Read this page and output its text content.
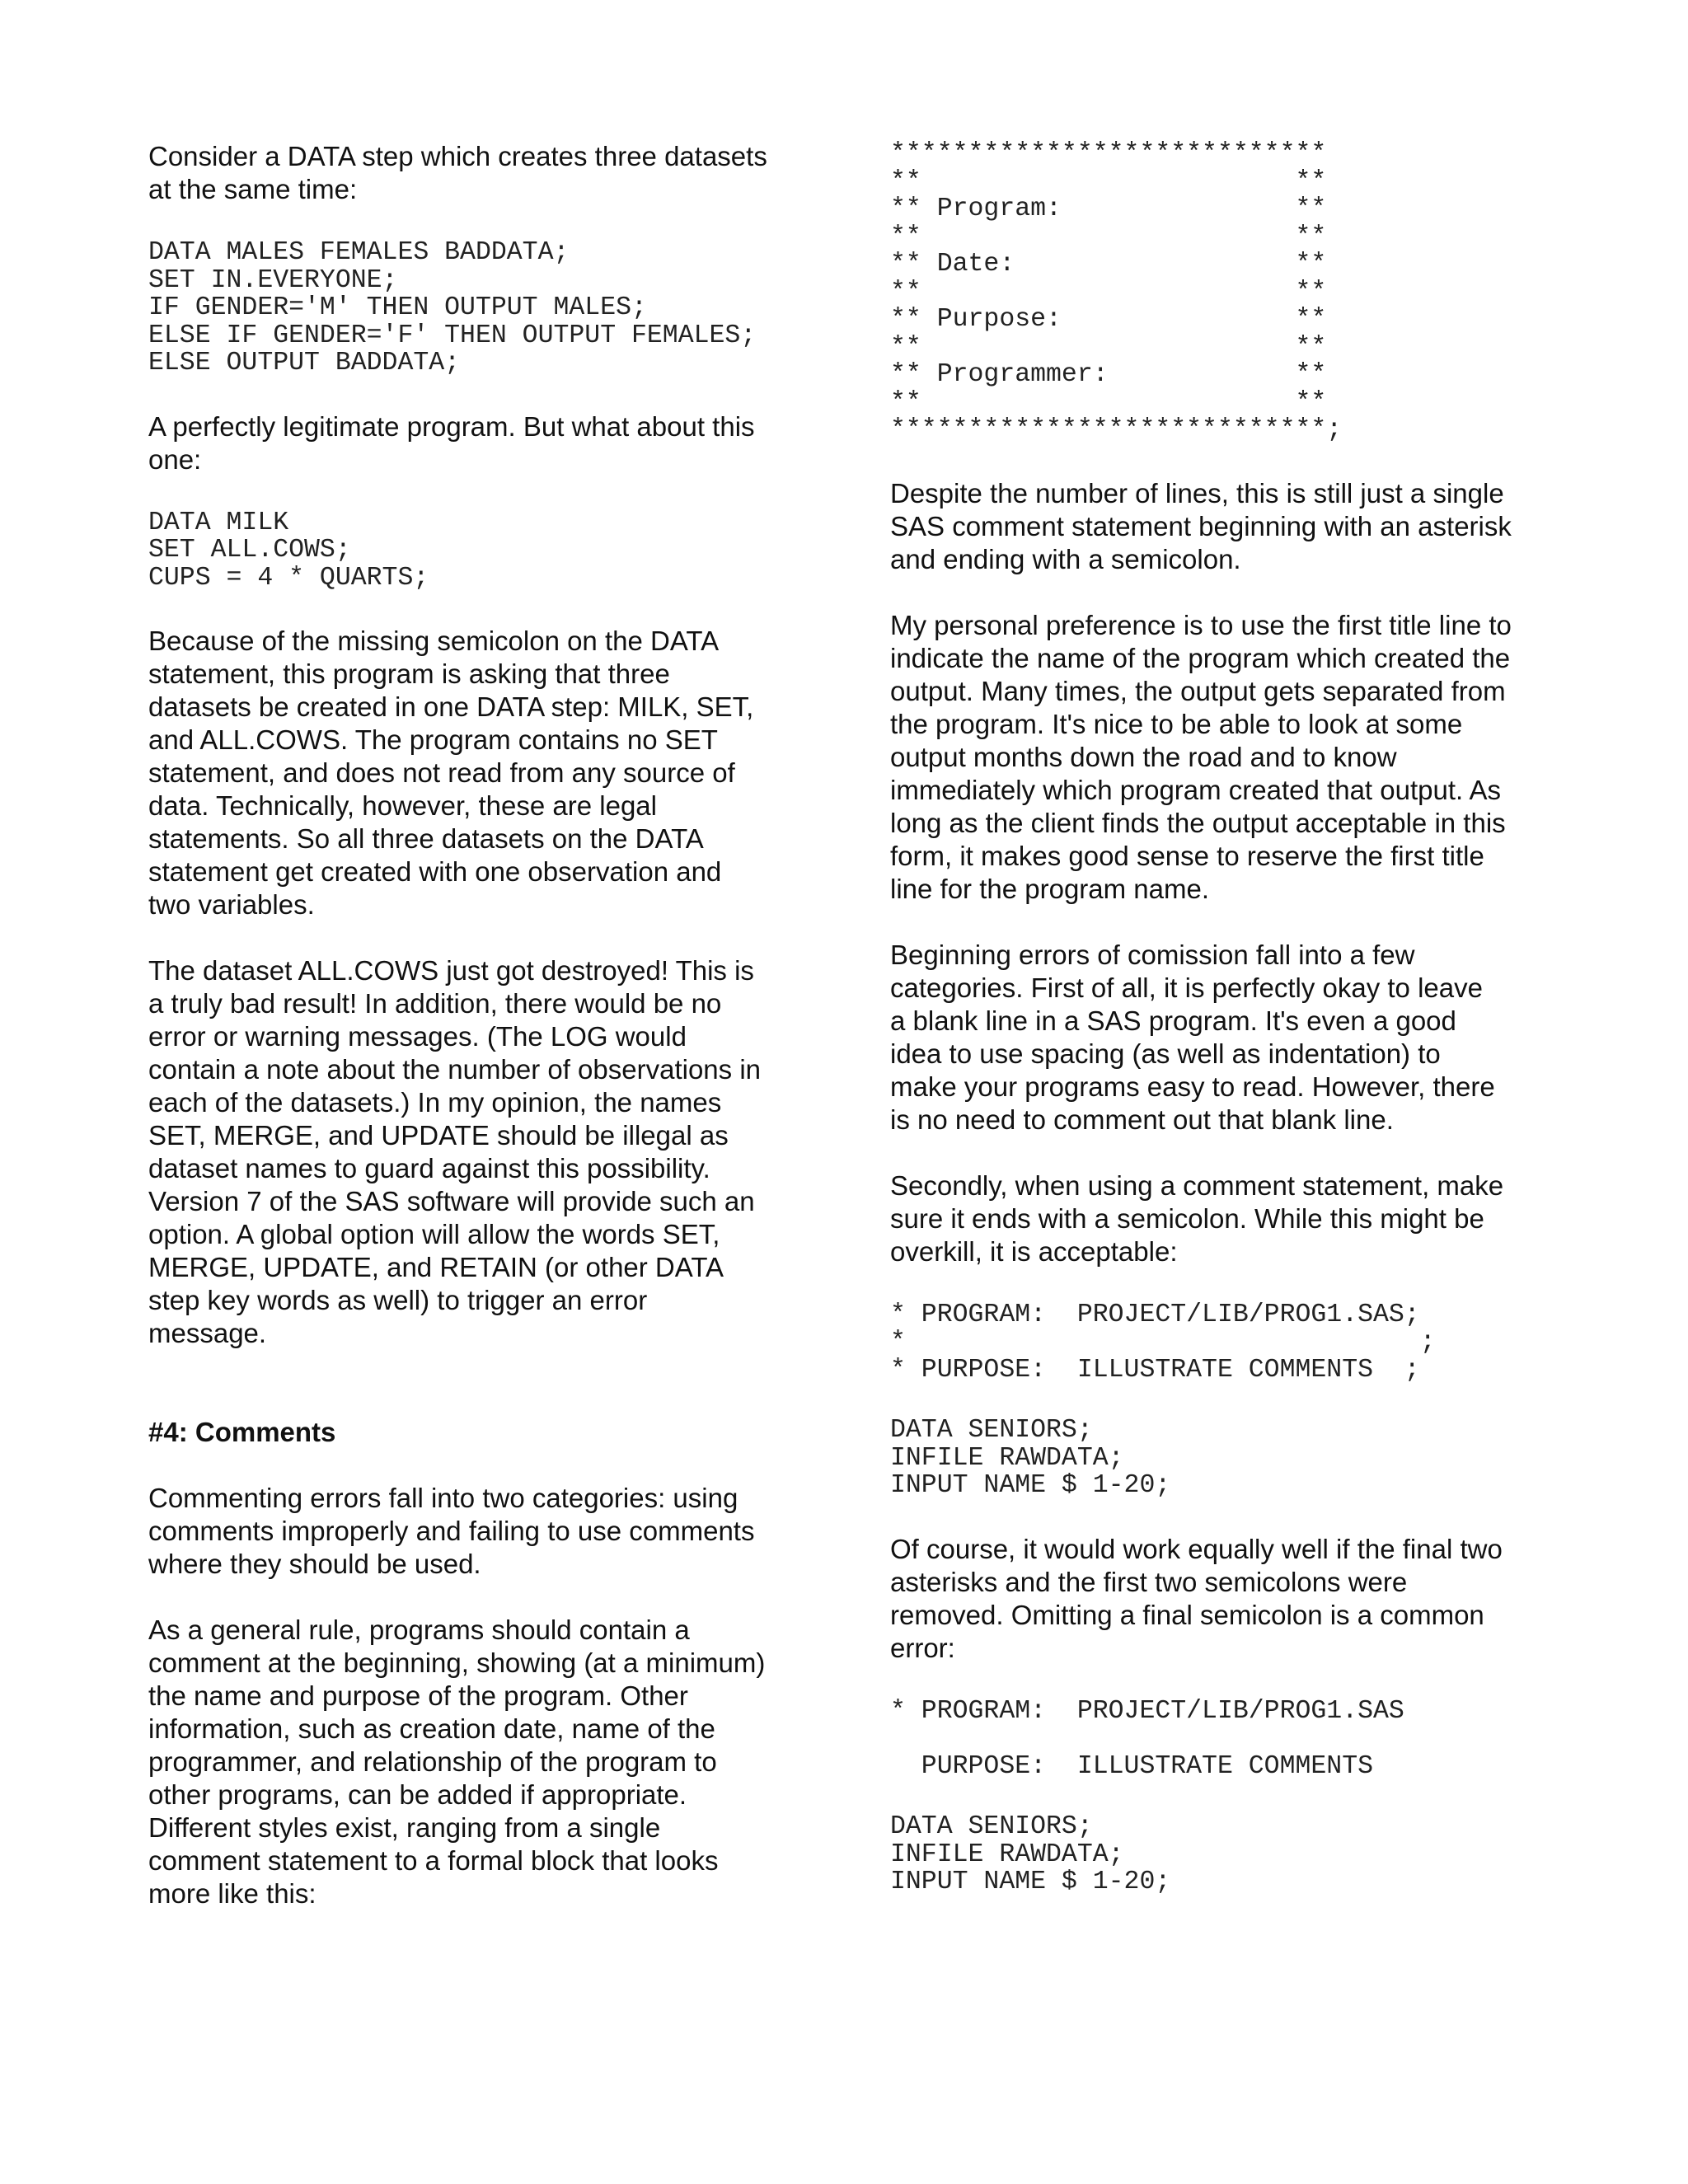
Consider a DATA step which creates three datasets
at the same time:

DATA MALES FEMALES BADDATA;
SET IN.EVERYONE;
IF GENDER='M' THEN OUTPUT MALES;
ELSE IF GENDER='F' THEN OUTPUT FEMALES;
ELSE OUTPUT BADDATA;

A perfectly legitimate program. But what about this
one:

DATA MILK
SET ALL.COWS;
CUPS = 4 * QUARTS;

Because of the missing semicolon on the DATA
statement, this program is asking that three
datasets be created in one DATA step: MILK, SET,
and ALL.COWS. The program contains no SET
statement, and does not read from any source of
data. Technically, however, these are legal
statements. So all three datasets on the DATA
statement get created with one observation and
two variables.

The dataset ALL.COWS just got destroyed! This is
a truly bad result! In addition, there would be no
error or warning messages. (The LOG would
contain a note about the number of observations in
each of the datasets.) In my opinion, the names
SET, MERGE, and UPDATE should be illegal as
dataset names to guard against this possibility.
Version 7 of the SAS software will provide such an
option. A global option will allow the words SET,
MERGE, UPDATE, and RETAIN (or other DATA
step key words as well) to trigger an error
message.

#4: Comments

Commenting errors fall into two categories: using
comments improperly and failing to use comments
where they should be used.

As a general rule, programs should contain a
comment at the beginning, showing (at a minimum)
the name and purpose of the program. Other
information, such as creation date, name of the
programmer, and relationship of the program to
other programs, can be added if appropriate.
Different styles exist, ranging from a single
comment statement to a formal block that looks
more like this:

****************************
**                        **
** Program:               **
**                        **
** Date:                  **
**                        **
** Purpose:               **
**                        **
** Programmer:            **
**                        **
****************************;

Despite the number of lines, this is still just a single
SAS comment statement beginning with an asterisk
and ending with a semicolon.

My personal preference is to use the first title line to
indicate the name of the program which created the
output. Many times, the output gets separated from
the program. It's nice to be able to look at some
output months down the road and to know
immediately which program created that output. As
long as the client finds the output acceptable in this
form, it makes good sense to reserve the first title
line for the program name.

Beginning errors of comission fall into a few
categories. First of all, it is perfectly okay to leave
a blank line in a SAS program. It's even a good
idea to use spacing (as well as indentation) to
make your programs easy to read. However, there
is no need to comment out that blank line.

Secondly, when using a comment statement, make
sure it ends with a semicolon. While this might be
overkill, it is acceptable:

* PROGRAM:  PROJECT/LIB/PROG1.SAS;
*                                 ;
* PURPOSE:  ILLUSTRATE COMMENTS  ;
DATA SENIORS;
INFILE RAWDATA;
INPUT NAME $ 1-20;

Of course, it would work equally well if the final two
asterisks and the first two semicolons were
removed. Omitting a final semicolon is a common
error:

* PROGRAM:  PROJECT/LIB/PROG1.SAS

PURPOSE:  ILLUSTRATE COMMENTS
DATA SENIORS;
INFILE RAWDATA;
INPUT NAME $ 1-20;
